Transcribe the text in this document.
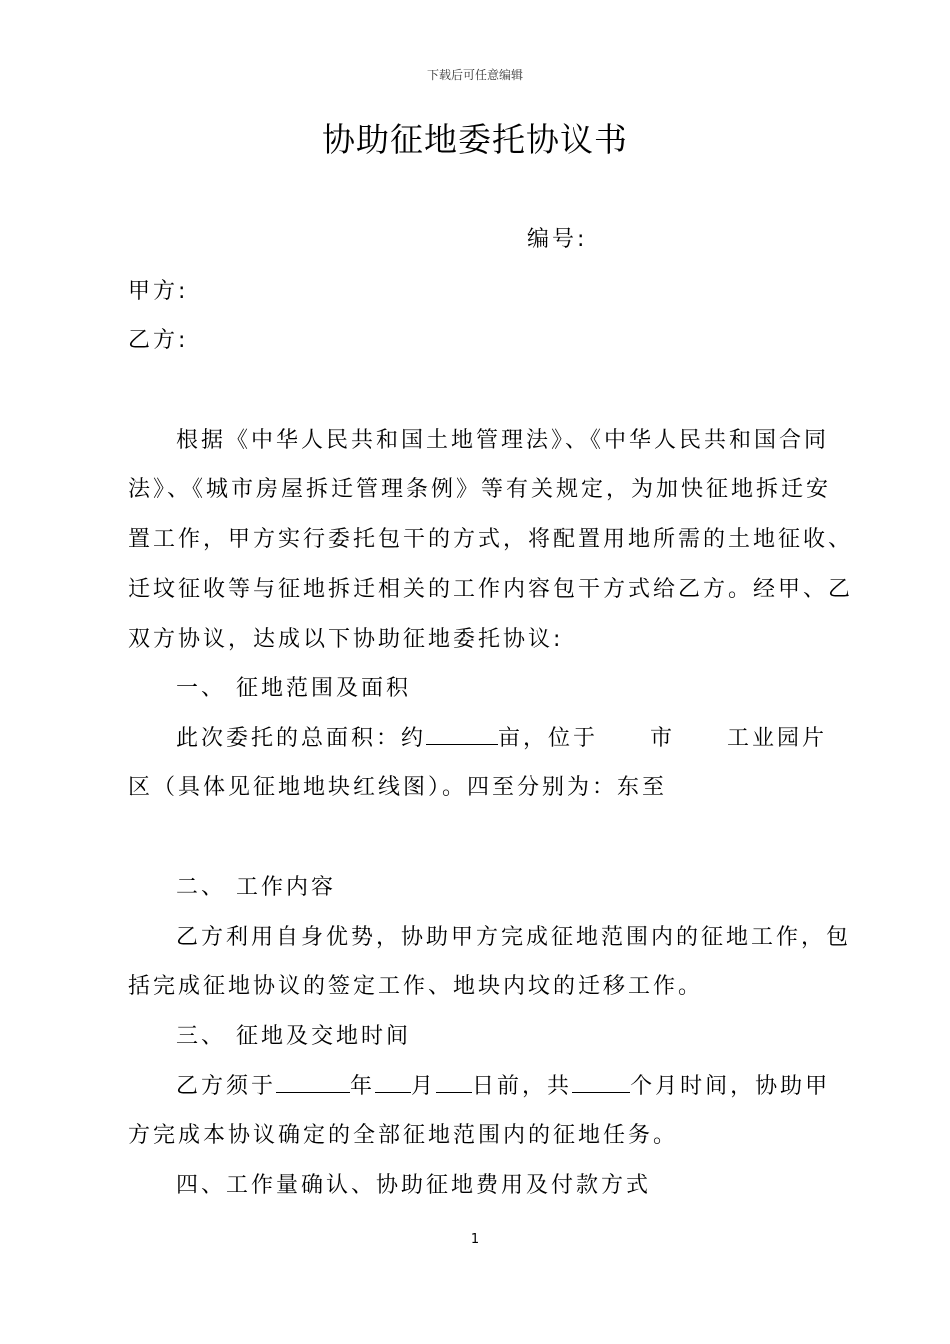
下载后可任意编辑
协助征地委托协议书
编号:
甲方:
乙方:
根据《中华人民共和国土地管理法》、《中华人民共和国合同
法》、《城市房屋拆迁管理条例》等有关规定，为加快征地拆迁安
置工作，甲方实行委托包干的方式，将配置用地所需的土地征收、
迁坟征收等与征地拆迁相关的工作内容包干方式给乙方。经甲、乙
双方协议，达成以下协助征地委托协议:
一、 征地范围及面积
此次委托的总面积：约	亩，位于 市 工业园片
区（具体见征地地块红线图）。四至分别为：东至
二、 工作内容
乙方利用自身优势，协助甲方完成征地范围内的征地工作，包
括完成征地协议的签定工作、地块内坟的迁移工作。
三、 征地及交地时间
乙方须于	年 月 日前，共	个月时间，协助甲
方完成本协议确定的全部征地范围内的征地任务。
四、工作量确认、协助征地费用及付款方式
1
